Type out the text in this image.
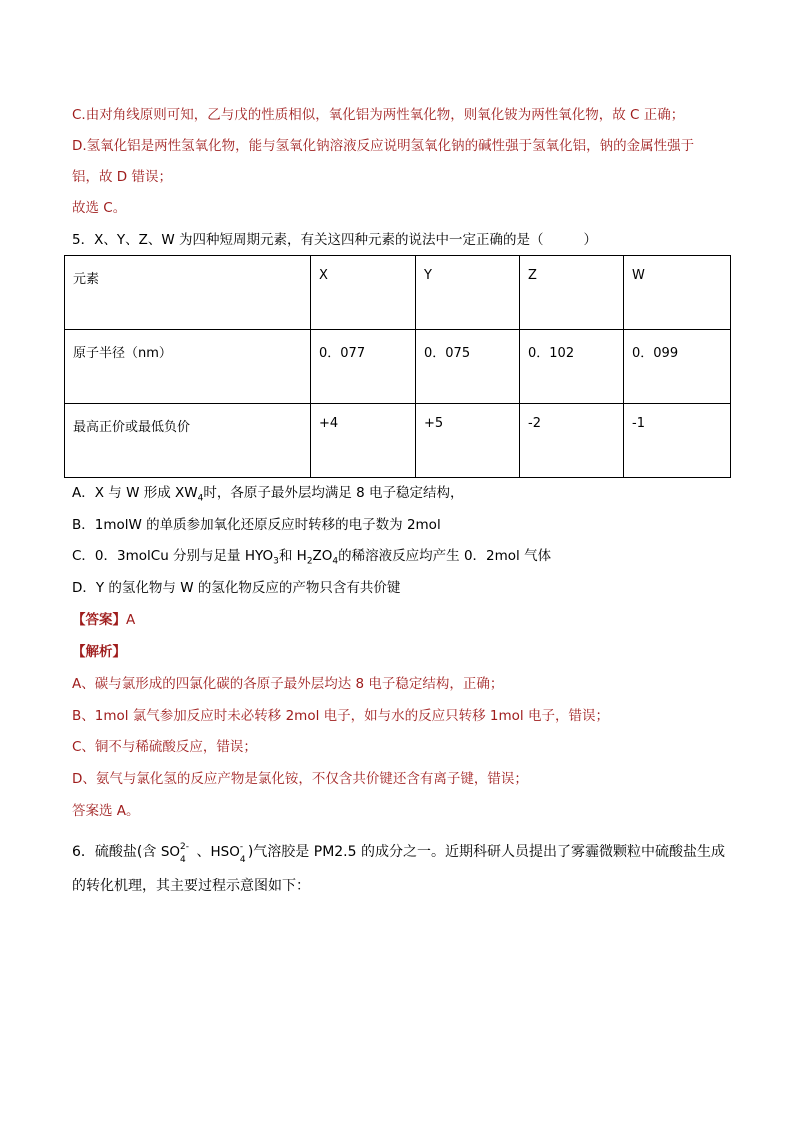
C.由对角线原则可知，乙与戊的性质相似，氧化铝为两性氧化物，则氧化铍为两性氧化物，故 C 正确；
D.氢氧化铝是两性氢氧化物，能与氢氧化钠溶液反应说明氢氧化钠的碱性强于氢氧化铝，钠的金属性强于
铝，故 D 错误；
故选 C。
5．X、Y、Z、W 为四种短周期元素，有关这四种元素的说法中一定正确的是（	）
元素	X	Y	Z	W
原子半径（nm）	0．077	0．075	0．102	0．099
最高正价或最低负价	+4	+5	-2	-1
A．X 与 W 形成 $XW_4$时，各原子最外层均满足 8 电子稳定结构，
B．1molW 的单质参加氧化还原反应时转移的电子数为 2mol
C．0．3molCu 分别与足量 $HYO_3$和 $H_2ZO_4$的稀溶液反应均产生 0．2mol 气体
D．Y 的氢化物与 W 的氢化物反应的产物只含有共价键
【答案】A
【解析】
A、碳与氯形成的四氯化碳的各原子最外层均达 8 电子稳定结构，正确；
B、1mol 氯气参加反应时未必转移 2mol 电子，如与水的反应只转移 1mol 电子，错误；
C、铜不与稀硫酸反应，错误；
D、氨气与氯化氢的反应产物是氯化铵，不仅含共价键还含有离子键，错误；
答案选 A。
6．硫酸盐(含 SO 2-
4 、HSO -
4 )气溶胶是 PM2.5 的成分之一。近期科研人员提出了雾霾微颗粒中硫酸盐生成
的转化机理，其主要过程示意图如下：
